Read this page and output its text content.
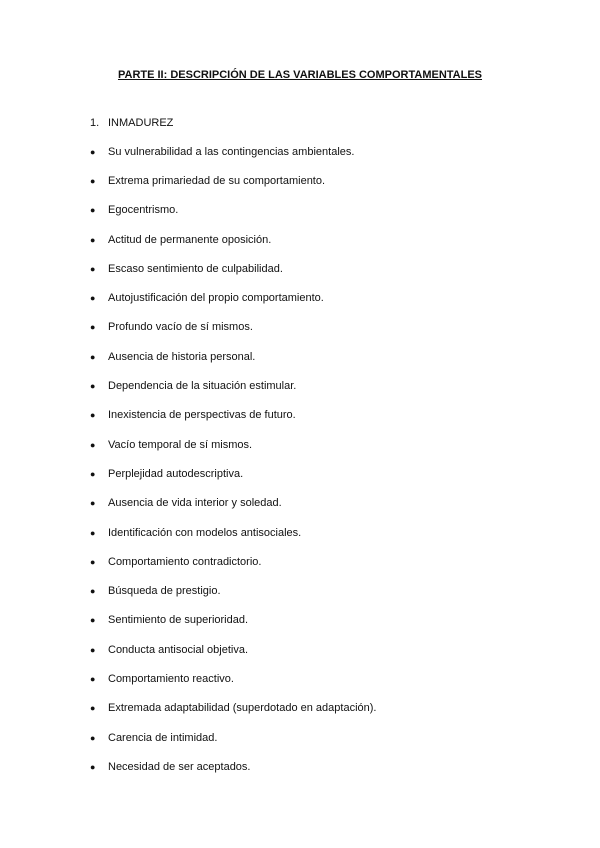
PARTE II: DESCRIPCIÓN DE LAS VARIABLES COMPORTAMENTALES
1. INMADUREZ
●	Su vulnerabilidad a las contingencias ambientales.
●	Extrema primariedad de su comportamiento.
●	Egocentrismo.
●	Actitud de permanente oposición.
●	Escaso sentimiento de culpabilidad.
●	Autojustificación del propio comportamiento.
●	Profundo vacío de sí mismos.
●	Ausencia de historia personal.
●	Dependencia de la situación estimular.
●	Inexistencia de perspectivas de futuro.
●	Vacío temporal de sí mismos.
●	Perplejidad autodescriptiva.
●	Ausencia de vida interior y soledad.
●	Identificación con modelos antisociales.
●	Comportamiento contradictorio.
●	Búsqueda de prestigio.
●	Sentimiento de superioridad.
●	Conducta antisocial objetiva.
●	Comportamiento reactivo.
●	Extremada adaptabilidad (superdotado en adaptación).
●	Carencia de intimidad.
●	Necesidad de ser aceptados.
